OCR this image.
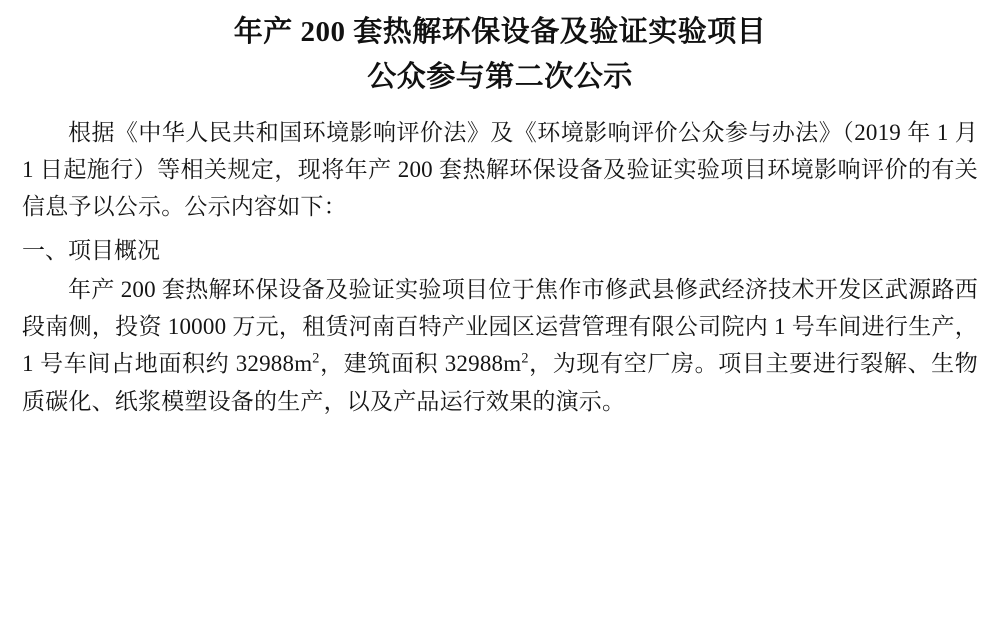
年产 200 套热解环保设备及验证实验项目
公众参与第二次公示

根据《中华人民共和国环境影响评价法》及《环境影响评价公众参与办法》（2019 年 1 月 1 日起施行）等相关规定，现将年产 200 套热解环保设备及验证实验项目环境影响评价的有关信息予以公示。公示内容如下：

一、项目概况

年产 200 套热解环保设备及验证实验项目位于焦作市修武县修武经济技术开发区武源路西段南侧，投资 10000 万元，租赁河南百特产业园区运营管理有限公司院内 1 号车间进行生产，1 号车间占地面积约 $32988m^2$，建筑面积 $32988m^2$，为现有空厂房。项目主要进行裂解、生物质碳化、纸浆模塑设备的生产，以及产品运行效果的演示。
